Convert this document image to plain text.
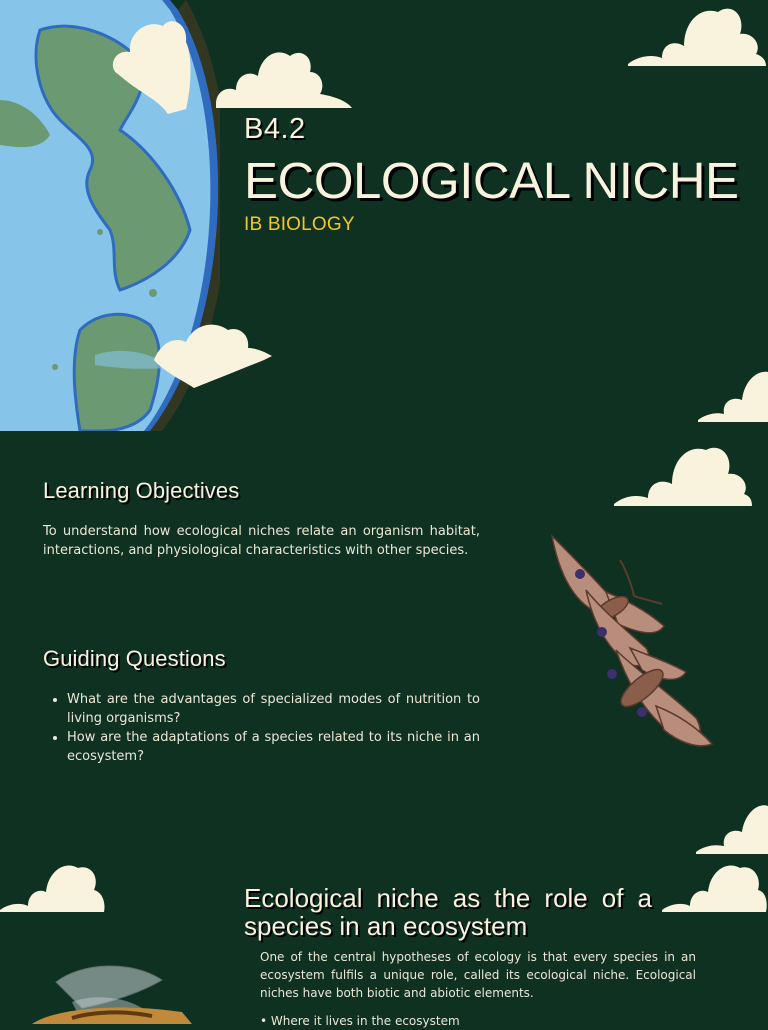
B4.2
ECOLOGICAL NICHE
IB BIOLOGY
Learning Objectives
To understand how ecological niches relate an organism habitat, interactions, and physiological characteristics with other species.
Guiding Questions
• What are the advantages of specialized modes of nutrition to living organisms?
• How are the adaptations of a species related to its niche in an ecosystem?
Ecological niche as the role of a
species in an ecosystem
One of the central hypotheses of ecology is that every species in an ecosystem fulfils a unique role, called its ecological niche. Ecological niches have both biotic and abiotic elements.
• Where it lives in the ecosystem
